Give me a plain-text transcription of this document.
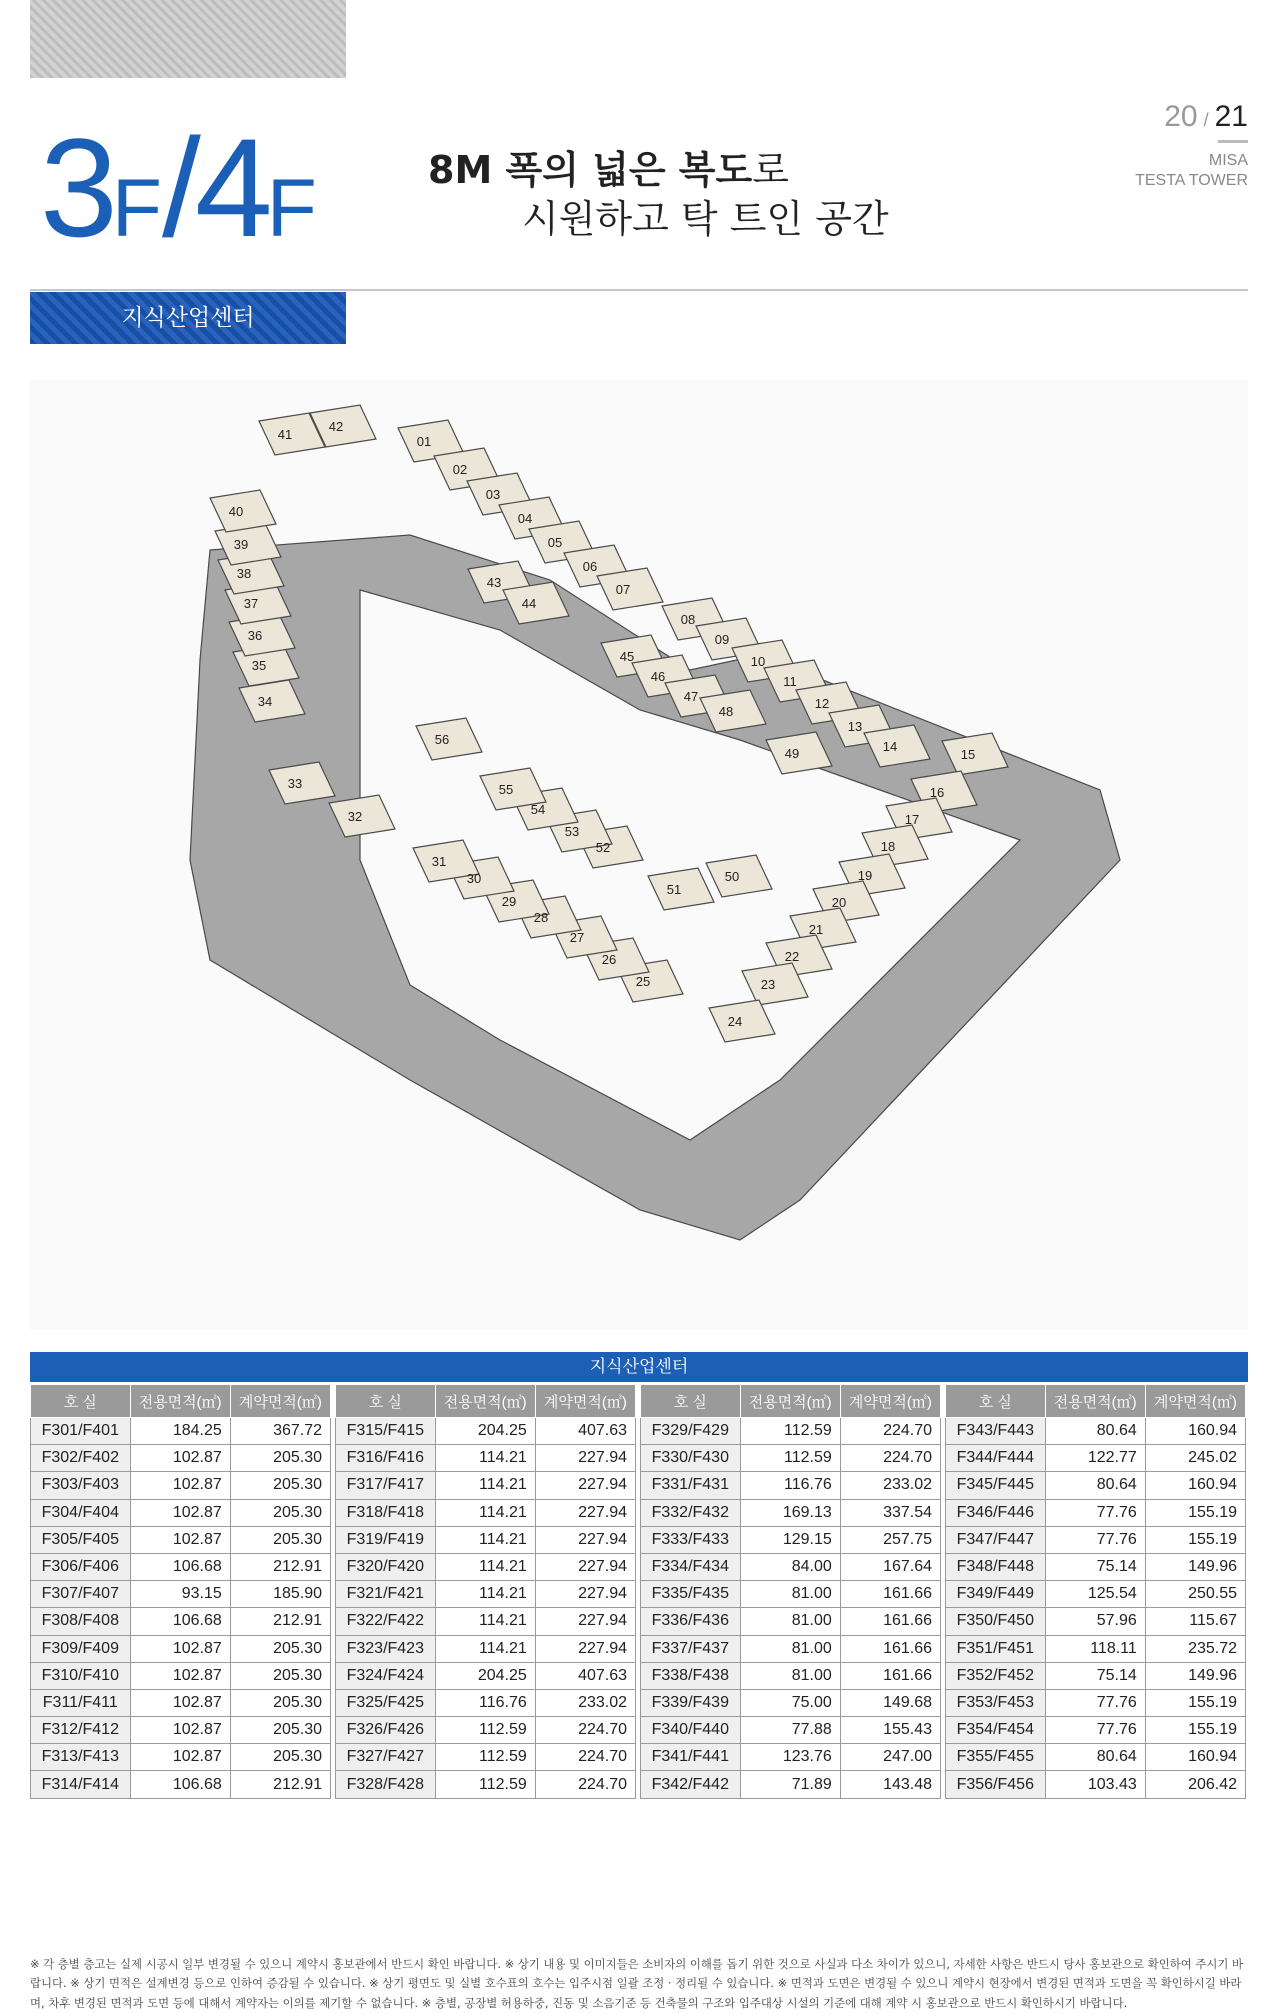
3F/4F	8M 폭의 넓은 복도로
시원하고 탁 트인 공간
20 / 21
MISA
TESTA TOWER
지식산업센터
01
02
03
04
05
06
07
08
09
10
11
12
13
14
15
16
17
18
19
20
21
22
23
24
25
26
27
28
29
30
31
32
33
34
35
36
37
38
39
40
41
42
43
44
45
46
47
48
49
50
51
52
53
54
55
56
지식산업센터
호 실	전용면적(㎡)	계약면적(㎡)
F301/F401	184.25	367.72
F302/F402	102.87	205.30
F303/F403	102.87	205.30
F304/F404	102.87	205.30
F305/F405	102.87	205.30
F306/F406	106.68	212.91
F307/F407	93.15	185.90
F308/F408	106.68	212.91
F309/F409	102.87	205.30
F310/F410	102.87	205.30
F311/F411	102.87	205.30
F312/F412	102.87	205.30
F313/F413	102.87	205.30
F314/F414	106.68	212.91
호 실	전용면적(㎡)	계약면적(㎡)
F315/F415	204.25	407.63
F316/F416	114.21	227.94
F317/F417	114.21	227.94
F318/F418	114.21	227.94
F319/F419	114.21	227.94
F320/F420	114.21	227.94
F321/F421	114.21	227.94
F322/F422	114.21	227.94
F323/F423	114.21	227.94
F324/F424	204.25	407.63
F325/F425	116.76	233.02
F326/F426	112.59	224.70
F327/F427	112.59	224.70
F328/F428	112.59	224.70
호 실	전용면적(㎡)	계약면적(㎡)
F329/F429	112.59	224.70
F330/F430	112.59	224.70
F331/F431	116.76	233.02
F332/F432	169.13	337.54
F333/F433	129.15	257.75
F334/F434	84.00	167.64
F335/F435	81.00	161.66
F336/F436	81.00	161.66
F337/F437	81.00	161.66
F338/F438	81.00	161.66
F339/F439	75.00	149.68
F340/F440	77.88	155.43
F341/F441	123.76	247.00
F342/F442	71.89	143.48
호 실	전용면적(㎡)	계약면적(㎡)
F343/F443	80.64	160.94
F344/F444	122.77	245.02
F345/F445	80.64	160.94
F346/F446	77.76	155.19
F347/F447	77.76	155.19
F348/F448	75.14	149.96
F349/F449	125.54	250.55
F350/F450	57.96	115.67
F351/F451	118.11	235.72
F352/F452	75.14	149.96
F353/F453	77.76	155.19
F354/F454	77.76	155.19
F355/F455	80.64	160.94
F356/F456	103.43	206.42
※ 각 층별 층고는 실제 시공시 일부 변경될 수 있으니 계약시 홍보관에서 반드시 확인 바랍니다. ※ 상기 내용 및 이미지들은 소비자의 이해를 돕기 위한 것으로 사실과 다소 차이가 있으니, 자세한 사항은 반드시 당사 홍보관으로 확인하여 주시기 바랍니다. ※ 상기 면적은 설계변경 등으로 인하여 증감될 수 있습니다. ※ 상기 평면도 및 실별 호수표의 호수는 입주시점 일괄 조정 · 정리될 수 있습니다. ※ 면적과 도면은 변경될 수 있으니 계약시 현장에서 변경된 면적과 도면을 꼭 확인하시길 바라며, 차후 변경된 면적과 도면 등에 대해서 계약자는 이의를 제기할 수 없습니다. ※ 층별, 공장별 허용하중, 진동 및 소음기준 등 건축물의 구조와 입주대상 시설의 기준에 대해 계약 시 홍보관으로 반드시 확인하시기 바랍니다.
